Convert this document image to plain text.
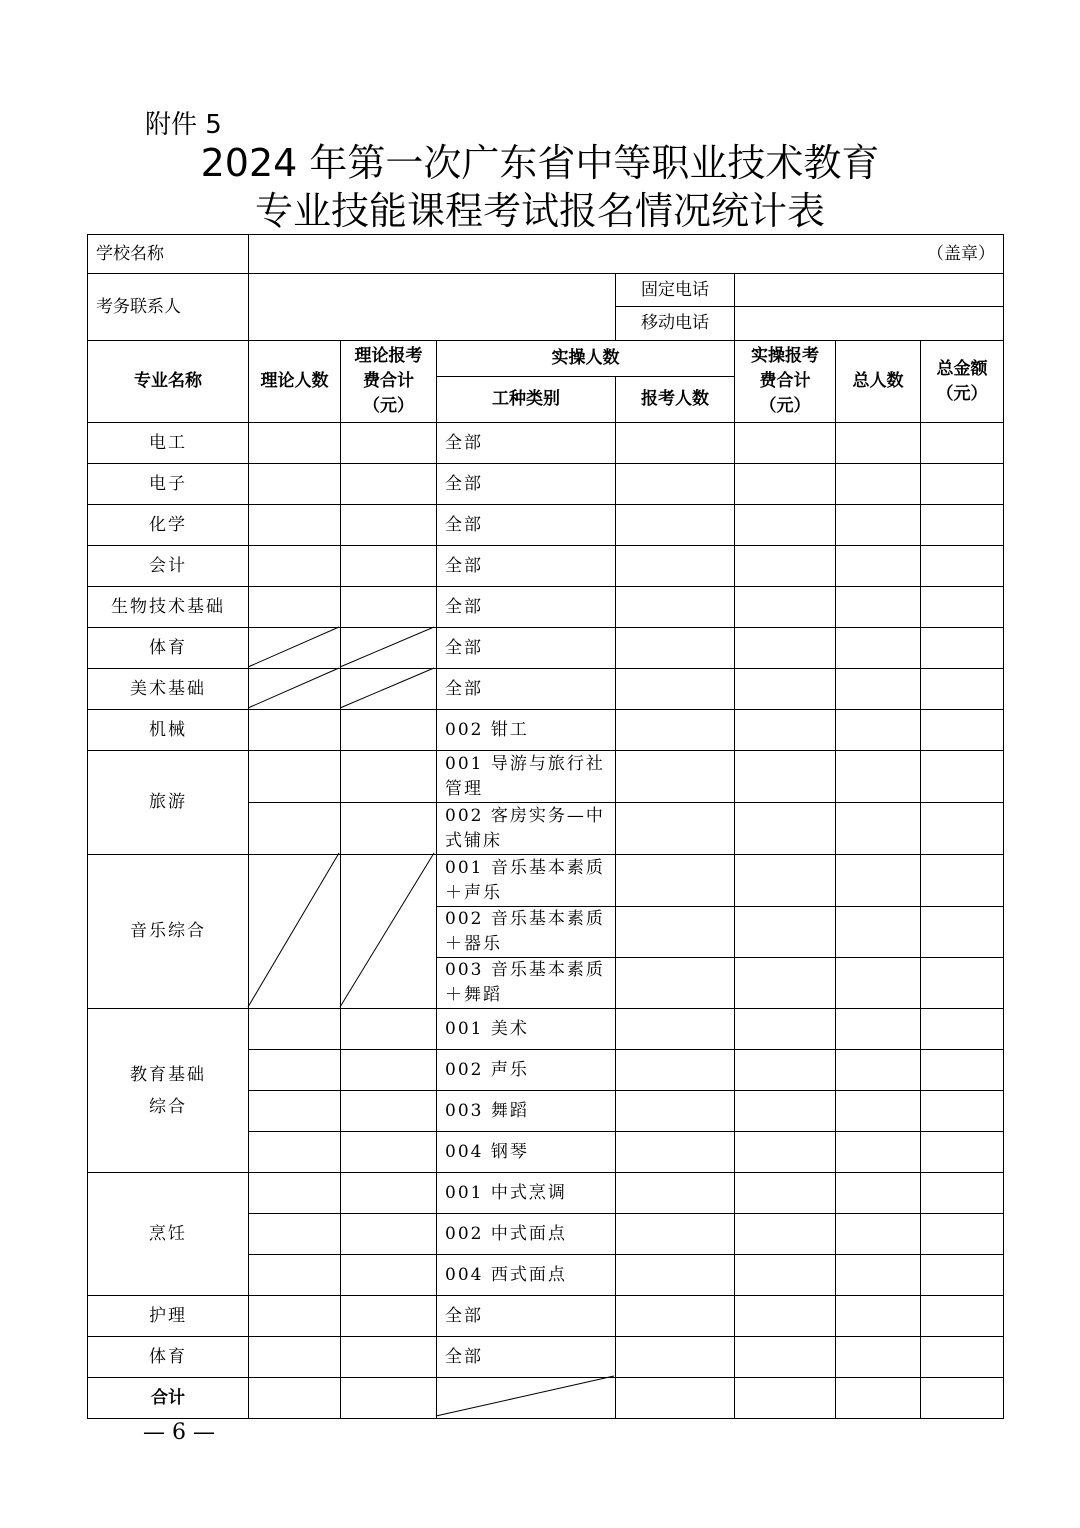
附件 5
2024 年第一次广东省中等职业技术教育
专业技能课程考试报名情况统计表
学校名称	（盖章）						
考务联系人				固定电话			
				移动电话			
专业名称	理论人数	理论报考费合计（元）	实操人数		实操报考费合计（元）	总人数	总金额（元）
			工种类别	报考人数			
电工			全部				
电子			全部				
化学			全部				
会计			全部				
生物技术基础			全部				
体育			全部				
美术基础			全部				
机械			002 钳工				
旅游			001 导游与旅行社管理				
			002 客房实务—中式铺床				
音乐综合			001 音乐基本素质＋声乐				
			002 音乐基本素质＋器乐				
			003 音乐基本素质＋舞蹈				
教育基础综合			001 美术				
			002 声乐				
			003 舞蹈				
			004 钢琴				
烹饪			001 中式烹调				
			002 中式面点				
			004 西式面点				
护理			全部				
体育			全部				
合计							
— 6 —
